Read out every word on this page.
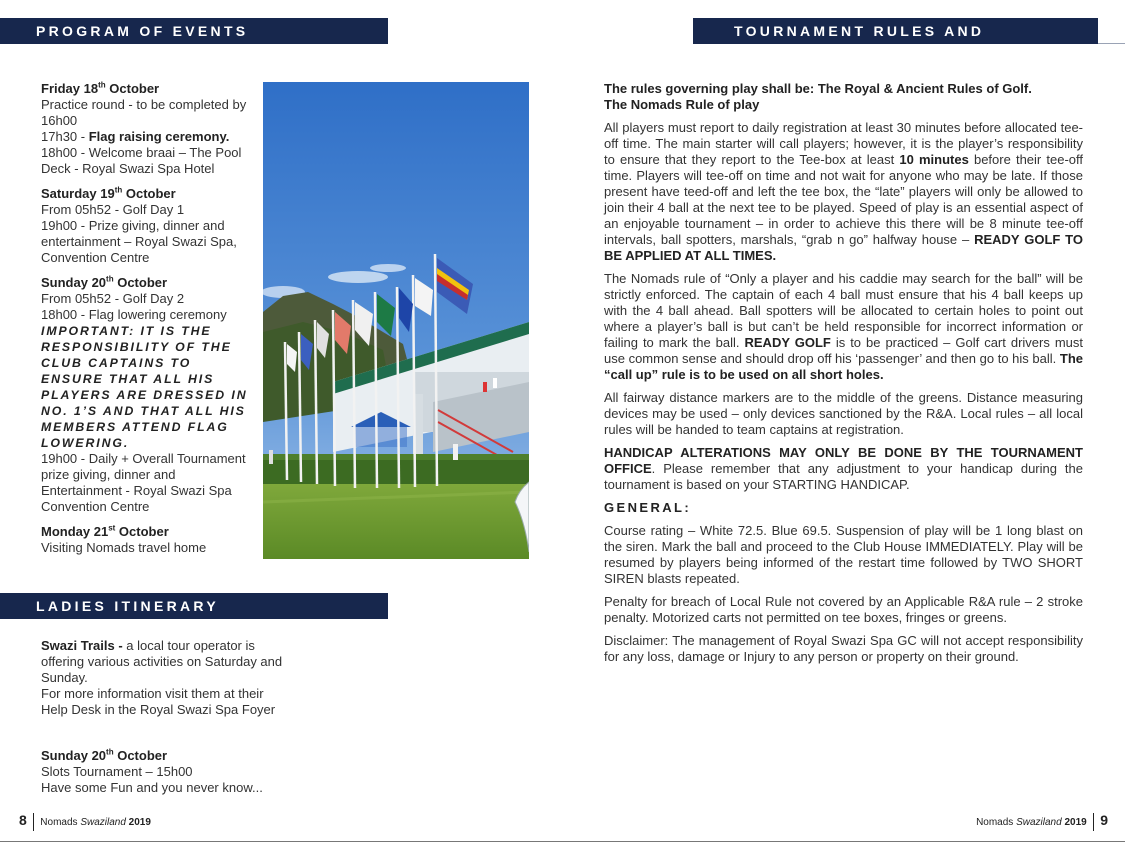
PROGRAM OF EVENTS	TOURNAMENT RULES AND CONDITIONS
LADIES ITINERARY
Friday 18th October
Practice round - to be completed by 16h00
17h30 - Flag raising ceremony.
18h00 - Welcome braai – The Pool Deck - Royal Swazi Spa Hotel
Saturday 19th October
From 05h52 - Golf Day 1
19h00 - Prize giving, dinner and entertainment – Royal Swazi Spa, Convention Centre
Sunday 20th October
From 05h52 - Golf Day 2
18h00 - Flag lowering ceremony
IMPORTANT: IT IS THE RESPONSIBILITY OF THE CLUB CAPTAINS TO ENSURE THAT ALL HIS PLAYERS ARE DRESSED IN NO. 1’S AND THAT ALL HIS MEMBERS ATTEND FLAG LOWERING.
19h00 - Daily + Overall Tournament prize giving, dinner and Entertainment - Royal Swazi Spa Convention Centre
Monday 21st October
Visiting Nomads travel home
Swazi Trails - a local tour operator is offering various activities on Saturday and Sunday.
For more information visit them at their Help Desk in the Royal Swazi Spa Foyer
Sunday 20th October
Slots Tournament – 15h00
Have some Fun and you never know...

The rules governing play shall be: The Royal & Ancient Rules of Golf.

The Nomads Rule of play

All players must report to daily registration at least 30 minutes before allocated tee-off time. The main starter will call players; however, it is the player’s responsibility to ensure that they report to the Tee-box at least 10 minutes before their tee-off time. Players will tee-off on time and not wait for anyone who may be late. If those present have teed-off and left the tee box, the “late” players will only be allowed to join their 4 ball at the next tee to be played. Speed of play is an essential aspect of an enjoyable tournament – in order to achieve this there will be 8 minute tee-off intervals, ball spotters, marshals, “grab n go” halfway house – READY GOLF TO BE APPLIED AT ALL TIMES.

The Nomads rule of “Only a player and his caddie may search for the ball” will be strictly enforced. The captain of each 4 ball must ensure that his 4 ball keeps up with the 4 ball ahead. Ball spotters will be allocated to certain holes to point out where a player’s ball is but can’t be held responsible for incorrect information or failing to mark the ball. READY GOLF is to be practiced – Golf cart drivers must use common sense and should drop off his ‘passenger’ and then go to his ball. The “call up” rule is to be used on all short holes.

All fairway distance markers are to the middle of the greens. Distance measuring devices may be used – only devices sanctioned by the R&A. Local rules – all local rules will be handed to team captains at registration.

HANDICAP ALTERATIONS MAY ONLY BE DONE BY THE TOURNAMENT OFFICE. Please remember that any adjustment to your handicap during the tournament is based on your STARTING HANDICAP.

GENERAL:

Course rating – White 72.5. Blue 69.5. Suspension of play will be 1 long blast on the siren. Mark the ball and proceed to the Club House IMMEDIATELY. Play will be resumed by players being informed of the restart time followed by TWO SHORT SIREN blasts repeated.

Penalty for breach of Local Rule not covered by an Applicable R&A rule – 2 stroke penalty. Motorized carts not permitted on tee boxes, fringes or greens.

Disclaimer: The management of Royal Swazi Spa GC will not accept responsibility for any loss, damage or Injury to any person or property on their ground.

8 Nomads Swaziland 2019	Nomads Swaziland 2019 9
